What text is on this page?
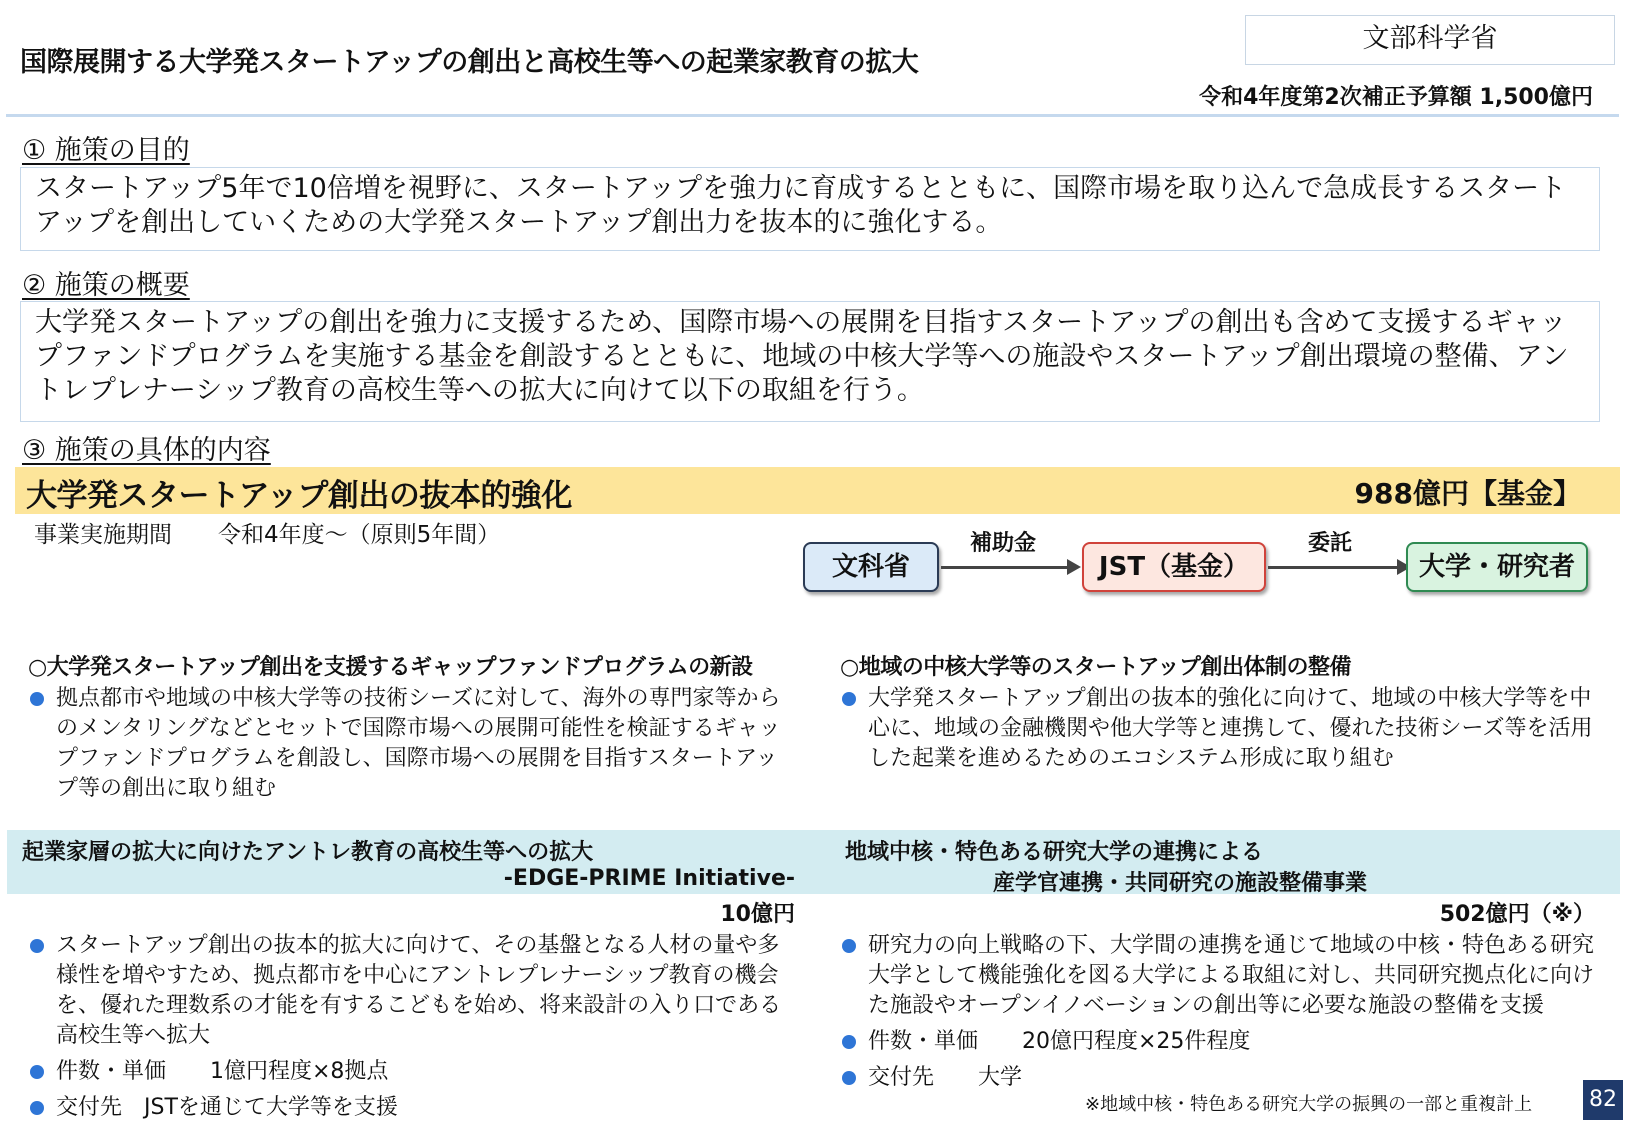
国際展開する大学発スタートアップの創出と高校生等への起業家教育の拡大
文部科学省
令和4年度第2次補正予算額 1,500億円
① 施策の目的
スタートアップ5年で10倍増を視野に、スタートアップを強力に育成するとともに、国際市場を取り込んで急成長するスタートアップを創出していくための大学発スタートアップ創出力を抜本的に強化する。
② 施策の概要
大学発スタートアップの創出を強力に支援するため、国際市場への展開を目指すスタートアップの創出も含めて支援するギャップファンドプログラムを実施する基金を創設するとともに、地域の中核大学等への施設やスタートアップ創出環境の整備、アントレプレナーシップ教育の高校生等への拡大に向けて以下の取組を行う。
③ 施策の具体的内容
大学発スタートアップ創出の抜本的強化	988億円【基金】
事業実施期間　　令和4年度～（原則5年間）
文科省
補助金
JST（基金）
委託
大学・研究者
○大学発スタートアップ創出を支援するギャップファンドプログラムの新設
拠点都市や地域の中核大学等の技術シーズに対して、海外の専門家等からのメンタリングなどとセットで国際市場への展開可能性を検証するギャップファンドプログラムを創設し、国際市場への展開を目指すスタートアップ等の創出に取り組む
○地域の中核大学等のスタートアップ創出体制の整備
大学発スタートアップ創出の抜本的強化に向けて、地域の中核大学等を中心に、地域の金融機関や他大学等と連携して、優れた技術シーズ等を活用した起業を進めるためのエコシステム形成に取り組む
起業家層の拡大に向けたアントレ教育の高校生等への拡大
-EDGE-PRIME Initiative-
10億円
地域中核・特色ある研究大学の連携による
産学官連携・共同研究の施設整備事業
502億円（※）
スタートアップ創出の抜本的拡大に向けて、その基盤となる人材の量や多様性を増やすため、拠点都市を中心にアントレプレナーシップ教育の機会を、優れた理数系の才能を有するこどもを始め、将来設計の入り口である高校生等へ拡大
件数・単価　　1億円程度×8拠点
交付先　JSTを通じて大学等を支援
研究力の向上戦略の下、大学間の連携を通じて地域の中核・特色ある研究大学として機能強化を図る大学による取組に対し、共同研究拠点化に向けた施設やオープンイノベーションの創出等に必要な施設の整備を支援
件数・単価　　20億円程度×25件程度
交付先　　大学
※地域中核・特色ある研究大学の振興の一部と重複計上	82
